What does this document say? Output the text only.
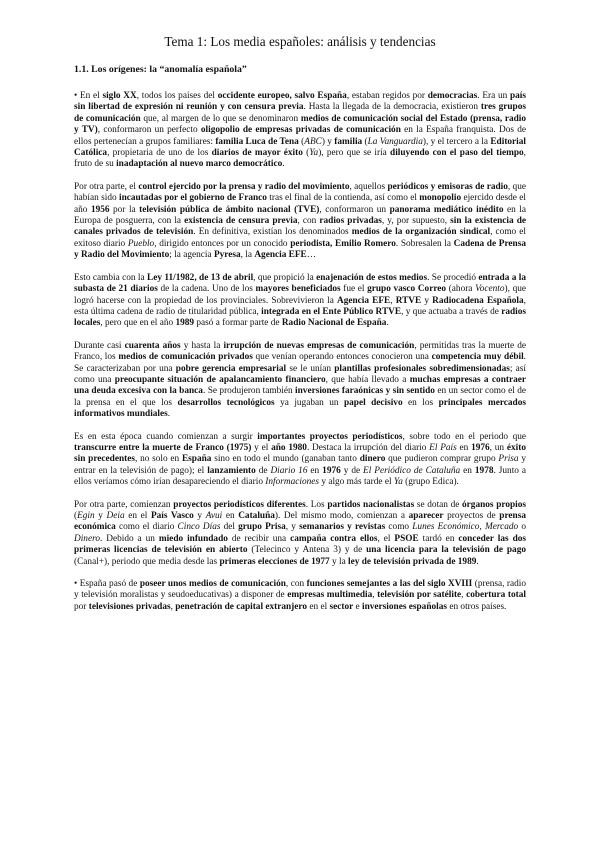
Tema 1: Los media españoles: análisis y tendencias
1.1. Los orígenes: la “anomalía española”

• En el siglo XX, todos los países del occidente europeo, salvo España, estaban regidos por democracias. Era un país sin libertad de expresión ni reunión y con censura previa. Hasta la llegada de la democracia, existieron tres grupos de comunicación que, al margen de lo que se denominaron medios de comunicación social del Estado (prensa, radio y TV), conformaron un perfecto oligopolio de empresas privadas de comunicación en la España franquista. Dos de ellos pertenecían a grupos familiares: familia Luca de Tena (ABC) y familia (La Vanguardia), y el tercero a la Editorial Católica, propietaria de uno de los diarios de mayor éxito (Ya), pero que se iría diluyendo con el paso del tiempo, fruto de su inadaptación al nuevo marco democrático.

Por otra parte, el control ejercido por la prensa y radio del movimiento, aquellos periódicos y emisoras de radio, que habían sido incautadas por el gobierno de Franco tras el final de la contienda, así como el monopolio ejercido desde el año 1956 por la televisión pública de ámbito nacional (TVE), conformaron un panorama mediático inédito en la Europa de posguerra, con la existencia de censura previa, con radios privadas, y, por supuesto, sin la existencia de canales privados de televisión. En definitiva, existían los denominados medios de la organización sindical, como el exitoso diario Pueblo, dirigido entonces por un conocido periodista, Emilio Romero. Sobresalen la Cadena de Prensa y Radio del Movimiento; la agencia Pyresa, la Agencia EFE…

Esto cambia con la Ley 11/1982, de 13 de abril, que propició la enajenación de estos medios. Se procedió entrada a la subasta de 21 diarios de la cadena. Uno de los mayores beneficiados fue el grupo vasco Correo (ahora Vocento), que logró hacerse con la propiedad de los provinciales. Sobrevivieron la Agencia EFE, RTVE y Radiocadena Española, esta última cadena de radio de titularidad pública, integrada en el Ente Público RTVE, y que actuaba a través de radios locales, pero que en el año 1989 pasó a formar parte de Radio Nacional de España.

Durante casi cuarenta años y hasta la irrupción de nuevas empresas de comunicación, permitidas tras la muerte de Franco, los medios de comunicación privados que venían operando entonces conocieron una competencia muy débil. Se caracterizaban por una pobre gerencia empresarial se le unían plantillas profesionales sobredimensionadas; así como una preocupante situación de apalancamiento financiero, que había llevado a muchas empresas a contraer una deuda excesiva con la banca. Se produjeron también inversiones faraónicas y sin sentido en un sector como el de la prensa en el que los desarrollos tecnológicos ya jugaban un papel decisivo en los principales mercados informativos mundiales.

Es en esta época cuando comienzan a surgir importantes proyectos periodísticos, sobre todo en el periodo que transcurre entre la muerte de Franco (1975) y el año 1980. Destaca la irrupción del diario El País en 1976, un éxito sin precedentes, no solo en España sino en todo el mundo (ganaban tanto dinero que pudieron comprar grupo Prisa y entrar en la televisión de pago); el lanzamiento de Diario 16 en 1976 y de El Periódico de Cataluña en 1978. Junto a ellos veríamos cómo irían desapareciendo el diario Informaciones y algo más tarde el Ya (grupo Edica).

Por otra parte, comienzan proyectos periodísticos diferentes. Los partidos nacionalistas se dotan de órganos propios (Egin y Deia en el País Vasco y Avui en Cataluña). Del mismo modo, comienzan a aparecer proyectos de prensa económica como el diario Cinco Días del grupo Prisa, y semanarios y revistas como Lunes Económico, Mercado o Dinero. Debido a un miedo infundado de recibir una campaña contra ellos, el PSOE tardó en conceder las dos primeras licencias de televisión en abierto (Telecinco y Antena 3) y de una licencia para la televisión de pago (Canal+), periodo que media desde las primeras elecciones de 1977 y la ley de televisión privada de 1989.

• España pasó de poseer unos medios de comunicación, con funciones semejantes a las del siglo XVIII (prensa, radio y televisión moralistas y seudoeducativas) a disponer de empresas multimedia, televisión por satélite, cobertura total por televisiones privadas, penetración de capital extranjero en el sector e inversiones españolas en otros países.
